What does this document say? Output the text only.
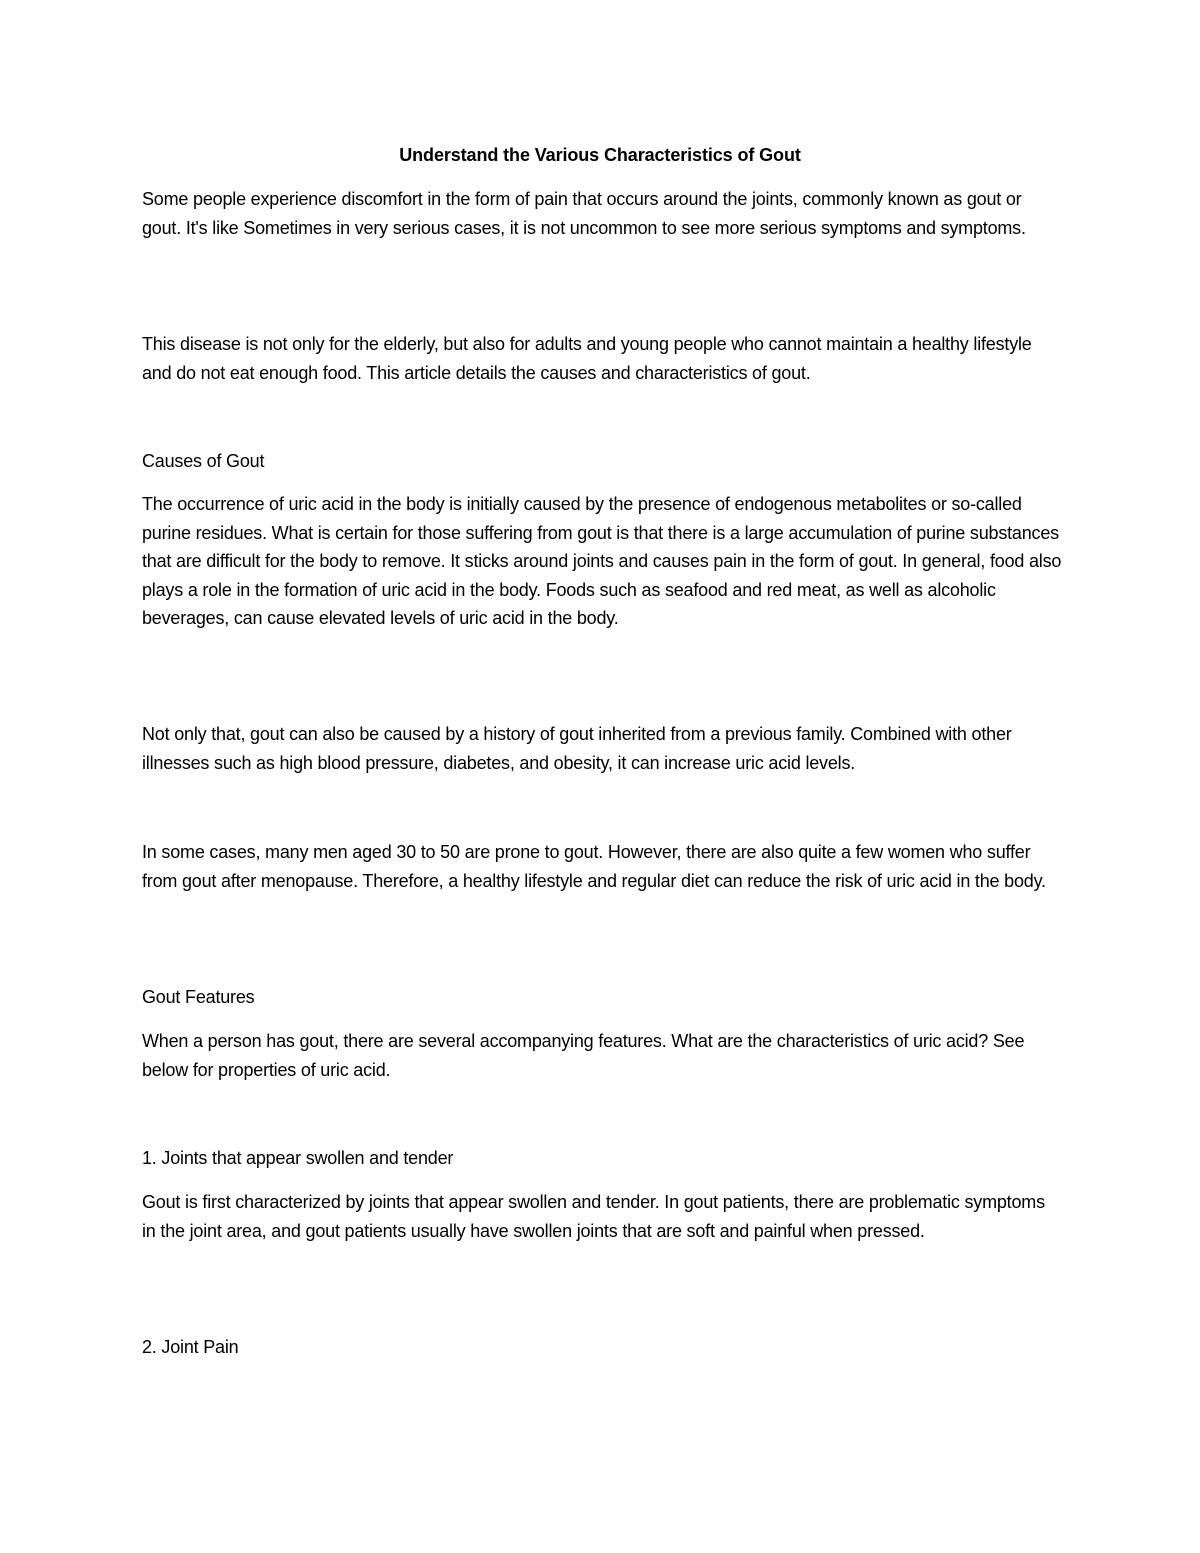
Understand the Various Characteristics of Gout

Some people experience discomfort in the form of pain that occurs around the joints, commonly known as gout or gout. It's like Sometimes in very serious cases, it is not uncommon to see more serious symptoms and symptoms.

This disease is not only for the elderly, but also for adults and young people who cannot maintain a healthy lifestyle and do not eat enough food. This article details the causes and characteristics of gout.

Causes of Gout

The occurrence of uric acid in the body is initially caused by the presence of endogenous metabolites or so-called purine residues. What is certain for those suffering from gout is that there is a large accumulation of purine substances that are difficult for the body to remove. It sticks around joints and causes pain in the form of gout. In general, food also plays a role in the formation of uric acid in the body. Foods such as seafood and red meat, as well as alcoholic beverages, can cause elevated levels of uric acid in the body.

Not only that, gout can also be caused by a history of gout inherited from a previous family. Combined with other illnesses such as high blood pressure, diabetes, and obesity, it can increase uric acid levels.

In some cases, many men aged 30 to 50 are prone to gout. However, there are also quite a few women who suffer from gout after menopause. Therefore, a healthy lifestyle and regular diet can reduce the risk of uric acid in the body.

Gout Features

When a person has gout, there are several accompanying features. What are the characteristics of uric acid? See below for properties of uric acid.

1. Joints that appear swollen and tender

Gout is first characterized by joints that appear swollen and tender. In gout patients, there are problematic symptoms in the joint area, and gout patients usually have swollen joints that are soft and painful when pressed.

2. Joint Pain
